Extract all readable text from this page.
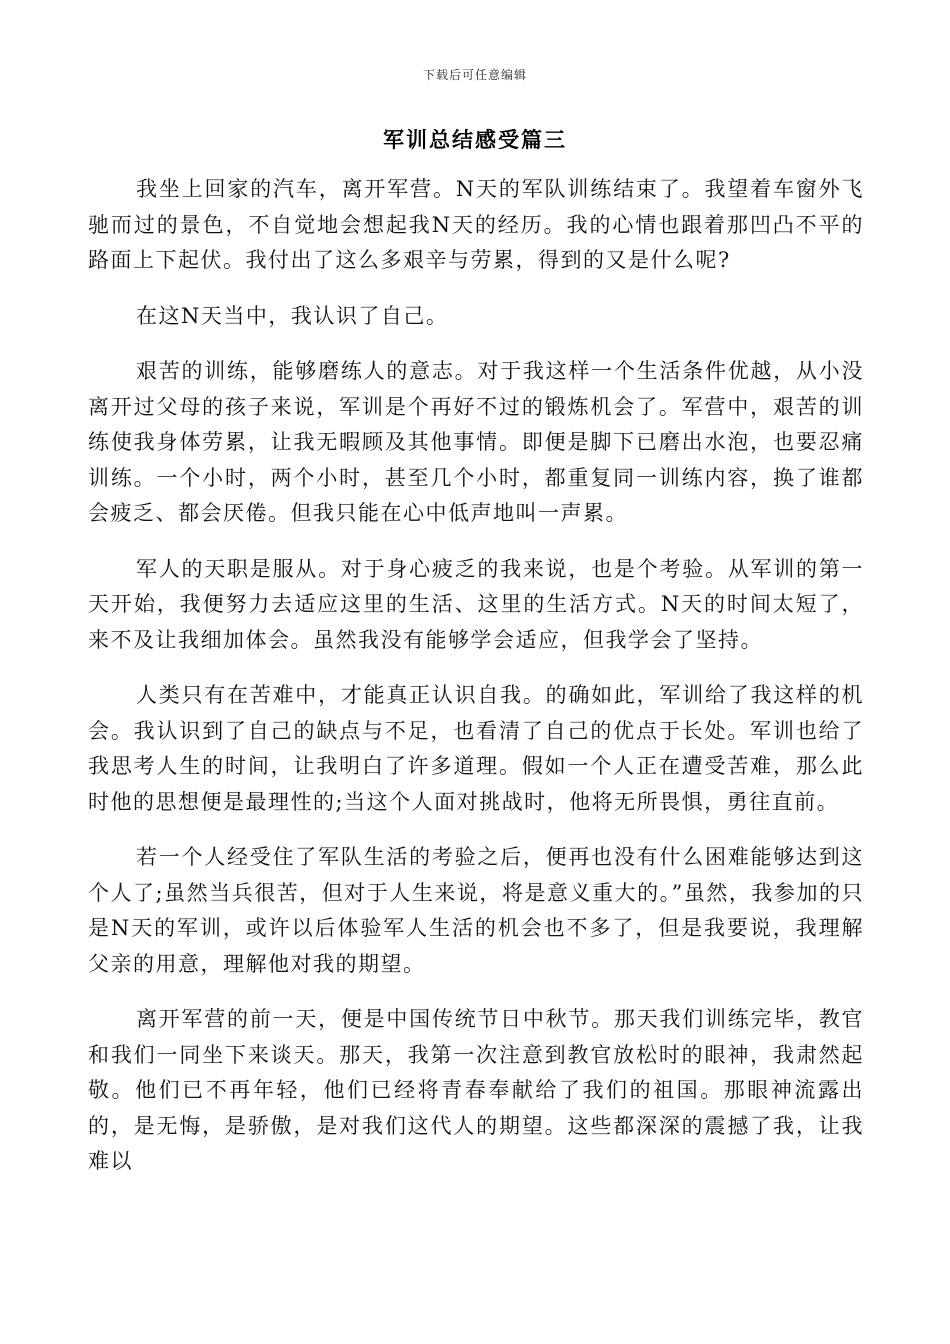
下载后可任意编辑
军训总结感受篇三

我坐上回家的汽车，离开军营。N天的军队训练结束了。我望着车窗外飞驰而过的景色，不自觉地会想起我N天的经历。我的心情也跟着那凹凸不平的路面上下起伏。我付出了这么多艰辛与劳累，得到的又是什么呢?

在这N天当中，我认识了自己。

艰苦的训练，能够磨练人的意志。对于我这样一个生活条件优越，从小没离开过父母的孩子来说，军训是个再好不过的锻炼机会了。军营中，艰苦的训练使我身体劳累，让我无暇顾及其他事情。即便是脚下已磨出水泡，也要忍痛训练。一个小时，两个小时，甚至几个小时，都重复同一训练内容，换了谁都会疲乏、都会厌倦。但我只能在心中低声地叫一声累。

军人的天职是服从。对于身心疲乏的我来说，也是个考验。从军训的第一天开始，我便努力去适应这里的生活、这里的生活方式。N天的时间太短了，来不及让我细加体会。虽然我没有能够学会适应，但我学会了坚持。

人类只有在苦难中，才能真正认识自我。的确如此，军训给了我这样的机会。我认识到了自己的缺点与不足，也看清了自己的优点于长处。军训也给了我思考人生的时间，让我明白了许多道理。假如一个人正在遭受苦难，那么此时他的思想便是最理性的;当这个人面对挑战时，他将无所畏惧，勇往直前。

若一个人经受住了军队生活的考验之后，便再也没有什么困难能够达到这个人了;虽然当兵很苦，但对于人生来说，将是意义重大的。”虽然，我参加的只是N天的军训，或许以后体验军人生活的机会也不多了，但是我要说，我理解父亲的用意，理解他对我的期望。

离开军营的前一天，便是中国传统节日中秋节。那天我们训练完毕，教官和我们一同坐下来谈天。那天，我第一次注意到教官放松时的眼神，我肃然起敬。他们已不再年轻，他们已经将青春奉献给了我们的祖国。那眼神流露出的，是无悔，是骄傲，是对我们这代人的期望。这些都深深的震撼了我，让我难以
